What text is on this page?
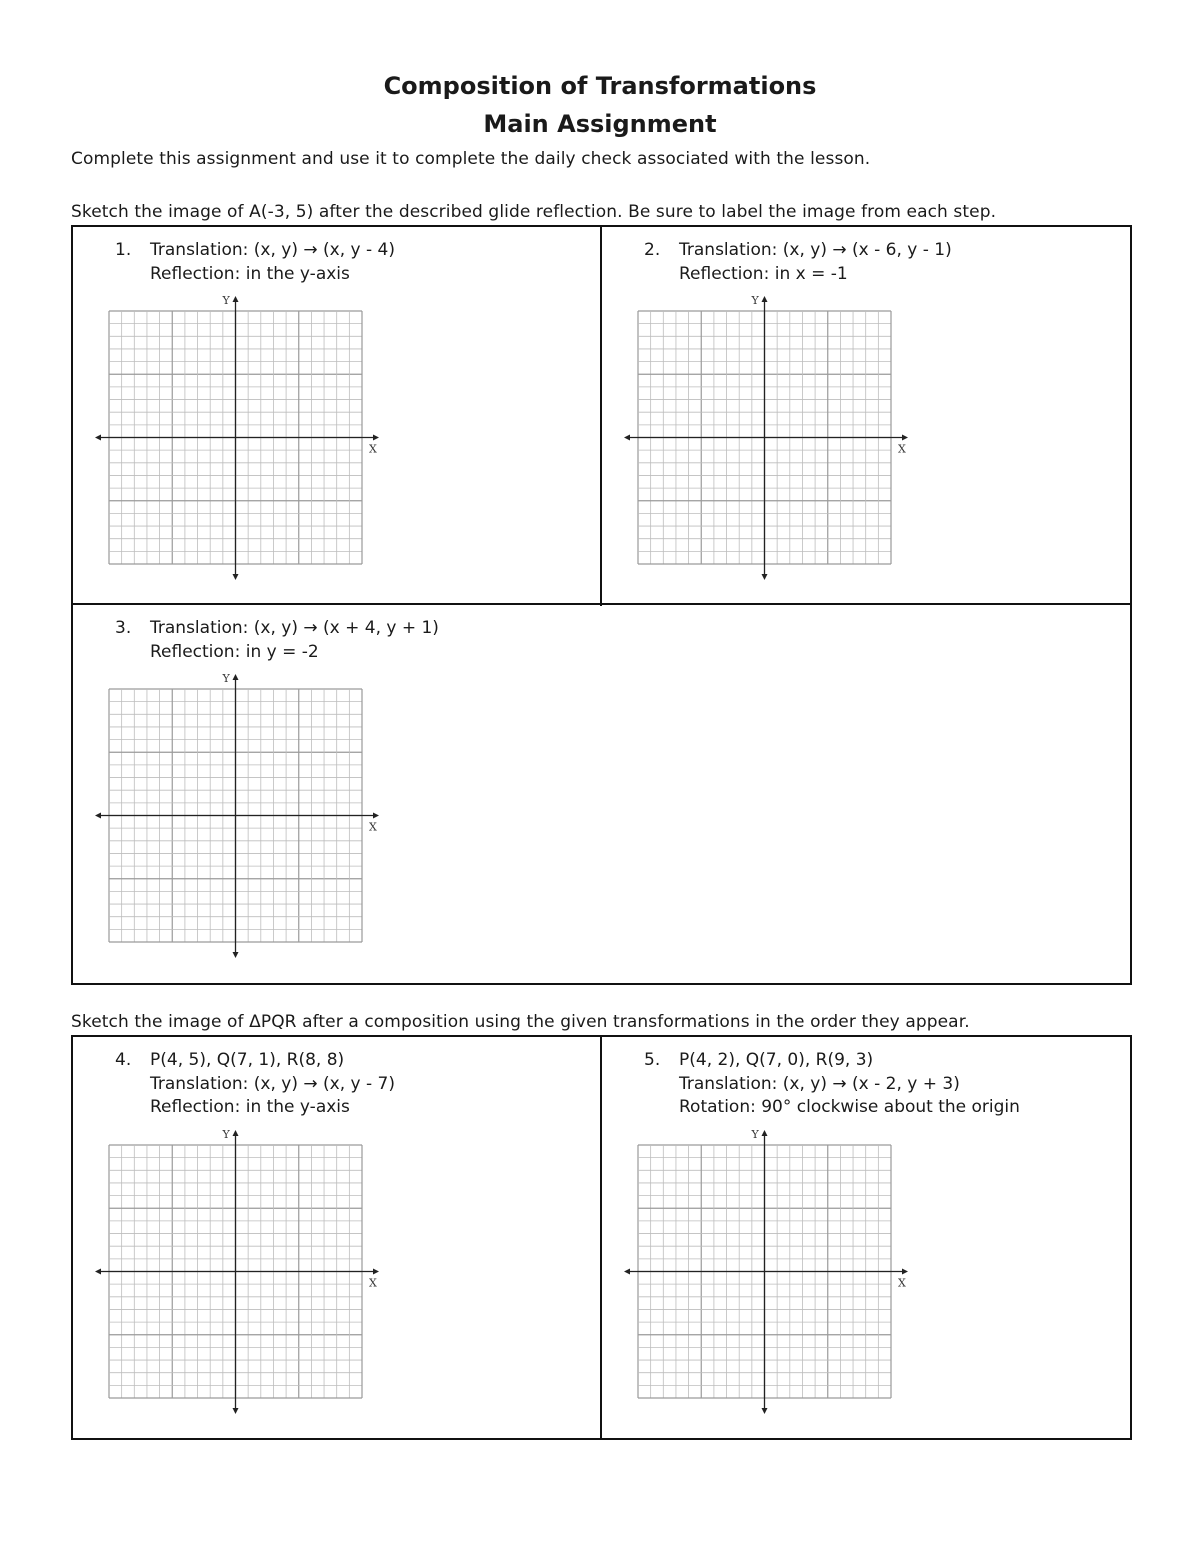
Composition of Transformations
Main Assignment
Complete this assignment and use it to complete the daily check associated with the lesson.
Sketch the image of A(-3, 5) after the described glide reflection. Be sure to label the image from each step.
1. Translation: (x, y) → (x, y - 4)
Reflection: in the y-axis
X
Y
2. Translation: (x, y) → (x - 6, y - 1)
Reflection: in x = -1
X
Y
3. Translation: (x, y) → (x + 4, y + 1)
Reflection: in y = -2
X
Y
Sketch the image of ΔPQR after a composition using the given transformations in the order they appear.
4. P(4, 5), Q(7, 1), R(8, 8)
Translation: (x, y) → (x, y - 7)
Reflection: in the y-axis
X
Y
5. P(4, 2), Q(7, 0), R(9, 3)
Translation: (x, y) → (x - 2, y + 3)
Rotation: 90° clockwise about the origin
X
Y
